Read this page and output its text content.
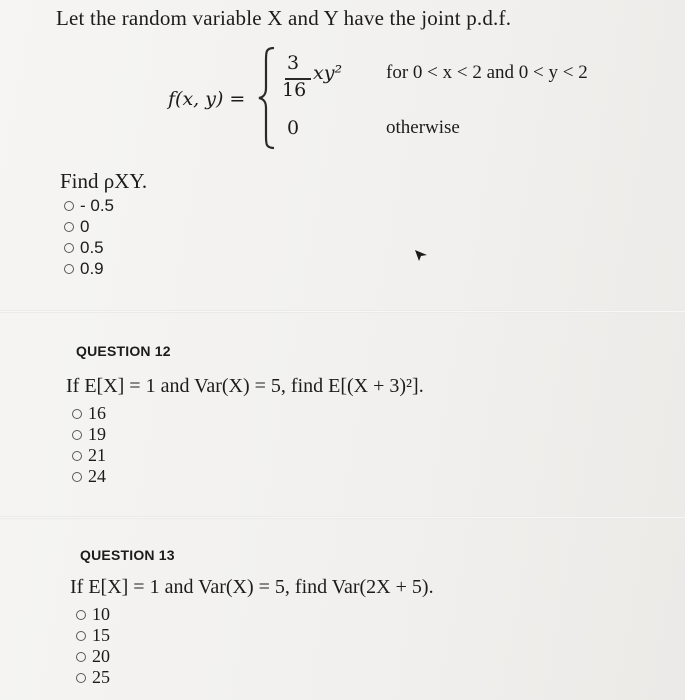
Let the random variable X and Y have the joint p.d.f.
f(x, y) =
3
16
xy²
0
for 0 < x < 2 and 0 < y < 2
otherwise
Find ρXY.
- 0.5
0
0.5
0.9
QUESTION 12
If E[X] = 1 and Var(X) = 5, find E[(X + 3)²].
16
19
21
24
QUESTION 13
If E[X] = 1 and Var(X) = 5, find Var(2X + 5).
10
15
20
25
